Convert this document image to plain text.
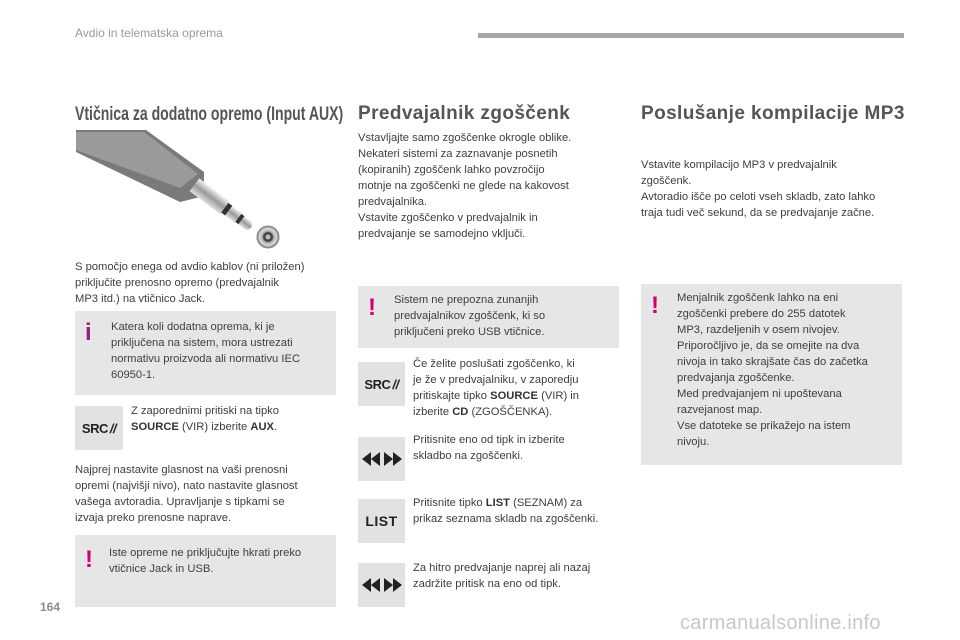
Avdio in telematska oprema
Vtičnica za dodatno opremo (Input AUX)
S pomočjo enega od avdio kablov (ni priložen)
priključite prenosno opremo (predvajalnik
MP3 itd.) na vtičnico Jack.
i Katera koli dodatna oprema, ki je
priključena na sistem, mora ustrezati
normativu proizvoda ali normativu IEC
60950-1.
SRC //
Z zaporednimi pritiski na tipko
SOURCE (VIR) izberite AUX.
Najprej nastavite glasnost na vaši prenosni
opremi (najvišji nivo), nato nastavite glasnost
vašega avtoradia. Upravljanje s tipkami se
izvaja preko prenosne naprave.
! Iste opreme ne priključujte hkrati preko
vtičnice Jack in USB.
Predvajalnik zgoščenk
Vstavljajte samo zgoščenke okrogle oblike.
Nekateri sistemi za zaznavanje posnetih
(kopiranih) zgoščenk lahko povzročijo
motnje na zgoščenki ne glede na kakovost
predvajalnika.
Vstavite zgoščenko v predvajalnik in
predvajanje se samodejno vključi.
! Sistem ne prepozna zunanjih
predvajalnikov zgoščenk, ki so
priključeni preko USB vtičnice.
SRC //
Če želite poslušati zgoščenko, ki
je že v predvajalniku, v zaporedju
pritiskajte tipko SOURCE (VIR) in
izberite CD (ZGOŠČENKA).
Pritisnite eno od tipk in izberite
skladbo na zgoščenki.
LIST
Pritisnite tipko LIST (SEZNAM) za
prikaz seznama skladb na zgoščenki.
Za hitro predvajanje naprej ali nazaj
zadržite pritisk na eno od tipk.
Poslušanje kompilacije MP3
Vstavite kompilacijo MP3 v predvajalnik
zgoščenk.
Avtoradio išče po celoti vseh skladb, zato lahko
traja tudi več sekund, da se predvajanje začne.
! Menjalnik zgoščenk lahko na eni
zgoščenki prebere do 255 datotek
MP3, razdeljenih v osem nivojev.
Priporočljivo je, da se omejite na dva
nivoja in tako skrajšate čas do začetka
predvajanja zgoščenke.
Med predvajanjem ni upoštevana
razvejanost map.
Vse datoteke se prikažejo na istem
nivoju.
164
carmanualsonline.info
